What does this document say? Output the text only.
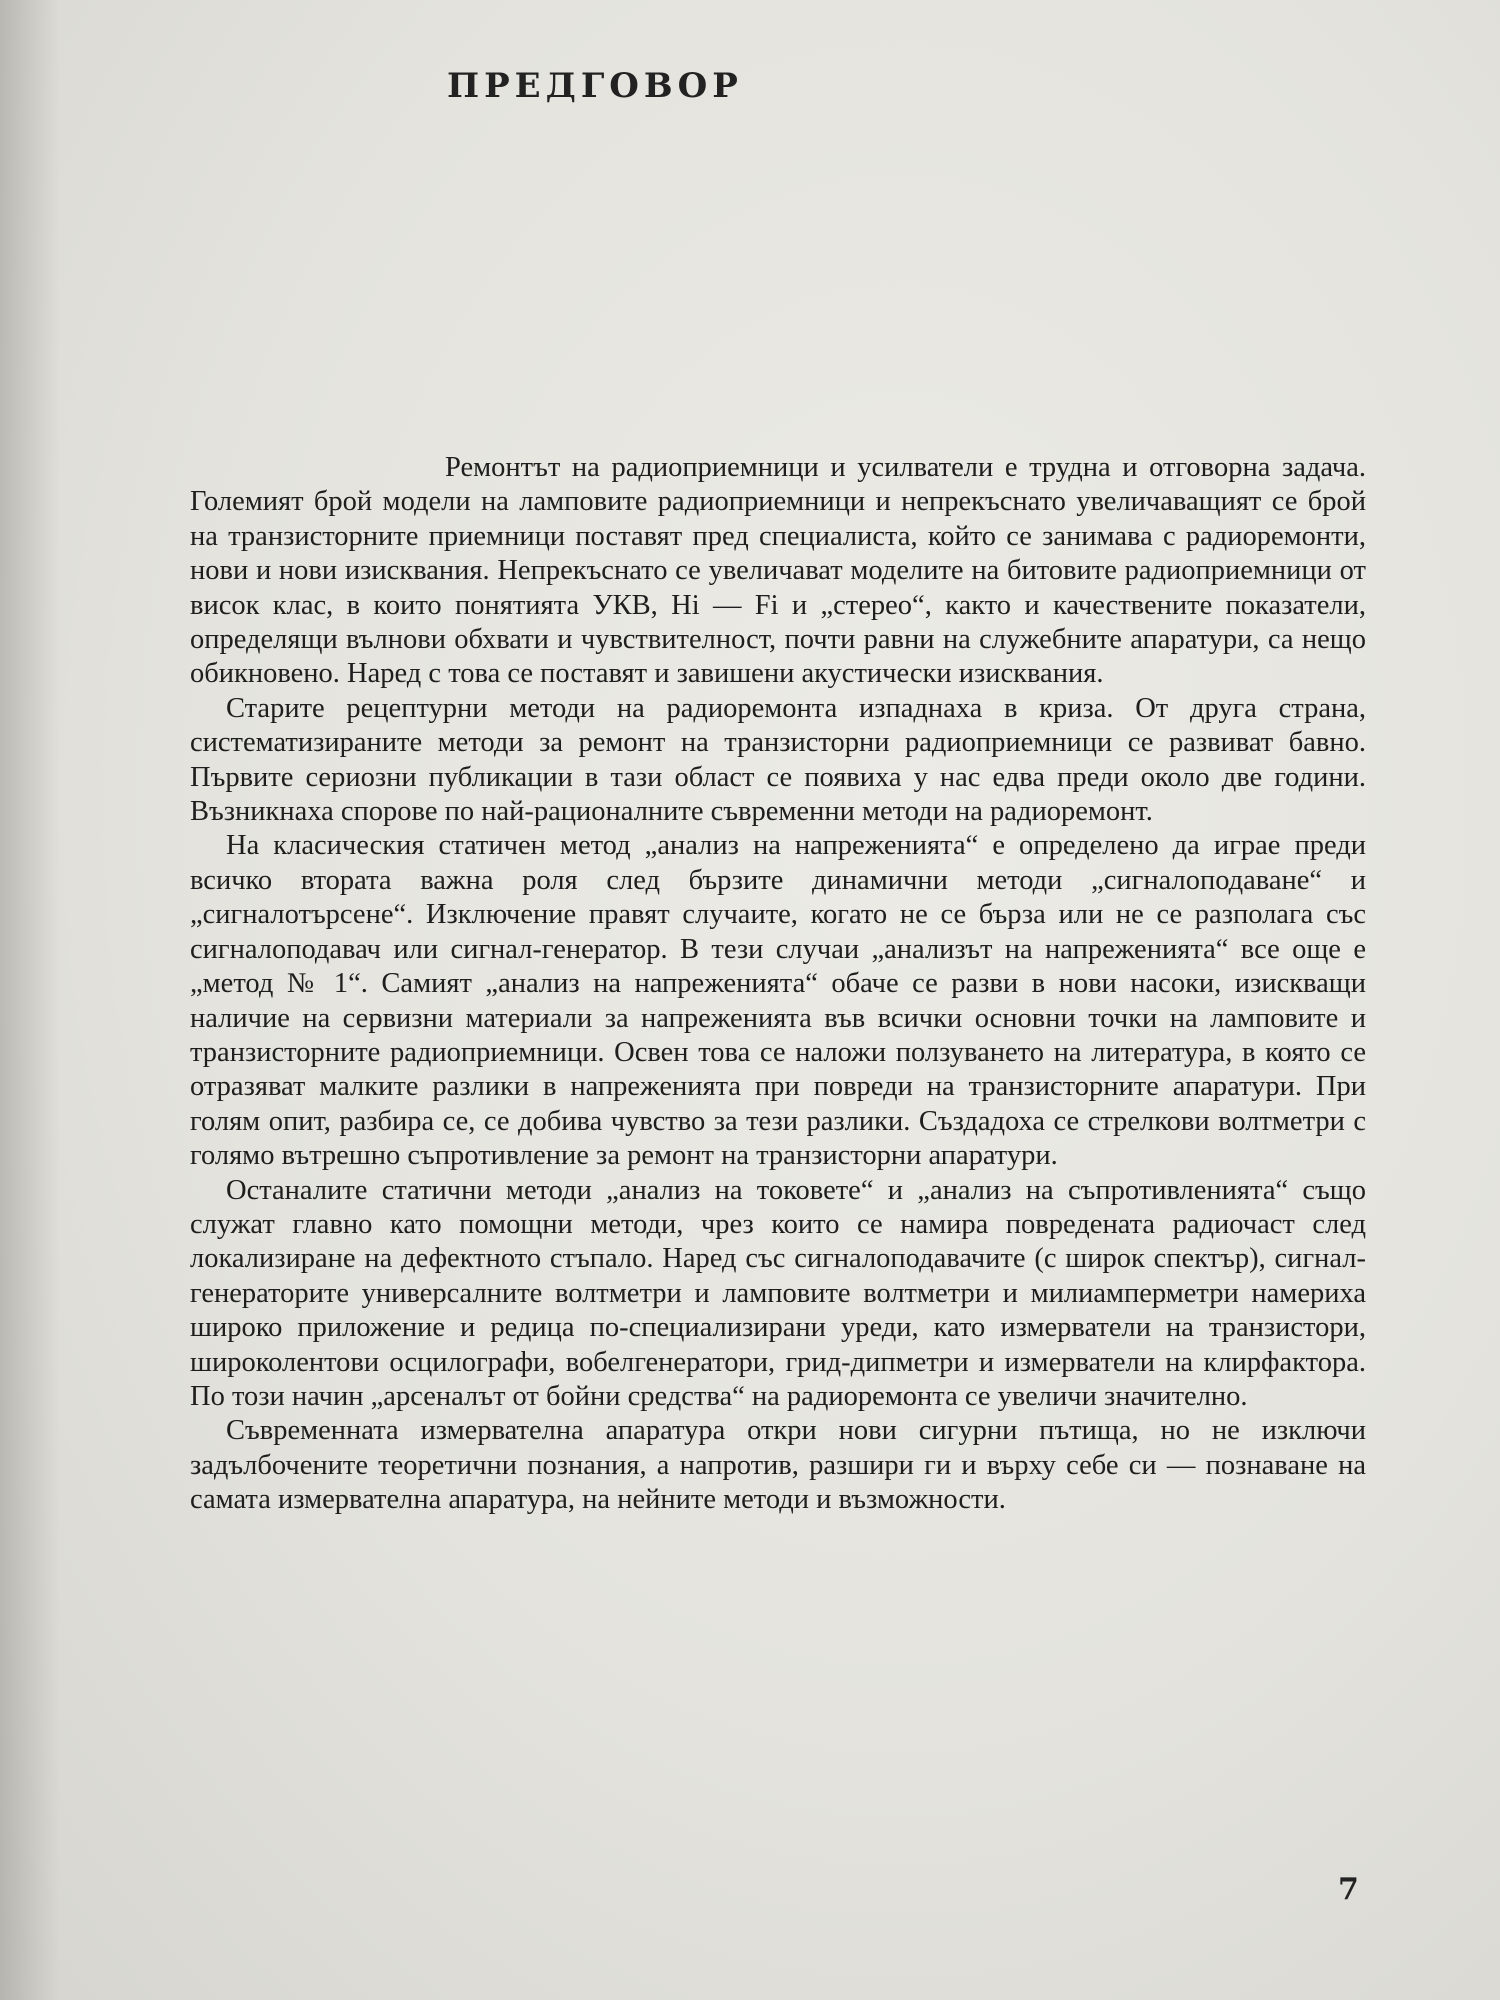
ПРЕДГОВОР

Ремонтът на радиоприемници и усилватели е трудна и отговорна задача. Големият брой модели на ламповите радиоприемници и непрекъснато увеличаващият се брой на транзисторните приемници поставят пред специалиста, който се занимава с радиоремонти, нови и нови изисквания. Непрекъснато се увеличават моделите на битовите радиоприемници от висок клас, в които понятията УКВ, Hi — Fi и „стерео“, както и качествените показатели, определящи вълнови обхвати и чувствителност, почти равни на служебните апаратури, са нещо обикновено. Наред с това се поставят и завишени акустически изисквания.

Старите рецептурни методи на радиоремонта изпаднаха в криза. От друга страна, систематизираните методи за ремонт на транзисторни радиоприемници се развиват бавно. Първите сериозни публикации в тази област се появиха у нас едва преди около две години. Възникнаха спорове по най-рационалните съвременни методи на радиоремонт.

На класическия статичен метод „анализ на напреженията“ е определено да играе преди всичко втората важна роля след бързите динамични методи „сигналоподаване“ и „сигналотърсене“. Изключение правят случаите, когато не се бърза или не се разполага със сигналоподавач или сигнал-генератор. В тези случаи „анализът на напреженията“ все още е „метод № 1“. Самият „анализ на напреженията“ обаче се разви в нови насоки, изискващи наличие на сервизни материали за напреженията във всички основни точки на ламповите и транзисторните радиоприемници. Освен това се наложи ползуването на литература, в която се отразяват малките разлики в напреженията при повреди на транзисторните апаратури. При голям опит, разбира се, се добива чувство за тези разлики. Създадоха се стрелкови волтметри с голямо вътрешно съпротивление за ремонт на транзисторни апаратури.

Останалите статични методи „анализ на токовете“ и „анализ на съпротивленията“ също служат главно като помощни методи, чрез които се намира повредената радиочаст след локализиране на дефектното стъпало. Наред със сигналоподавачите (с широк спектър), сигнал-генераторите универсалните волтметри и ламповите волтметри и милиамперметри намериха широко приложение и редица по-специализирани уреди, като измерватели на транзистори, широколентови осцилографи, вобелгенератори, грид-дипметри и измерватели на клирфактора. По този начин „арсеналът от бойни средства“ на радиоремонта се увеличи значително.

Съвременната измервателна апаратура откри нови сигурни пътища, но не изключи задълбочените теоретични познания, а напротив, разшири ги и върху себе си — познаване на самата измервателна апаратура, на нейните методи и възможности.

7
